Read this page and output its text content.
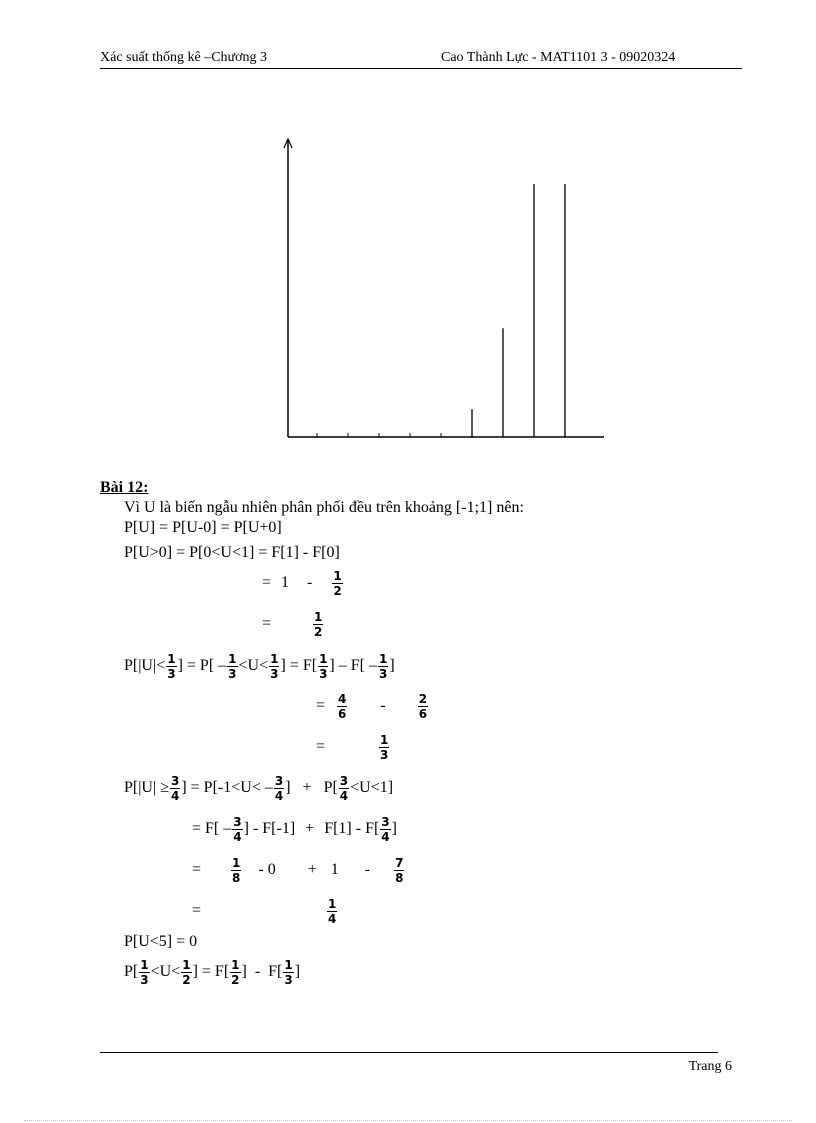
Xác suất thống kê –Chương 3	Cao Thành Lực - MAT1101 3 - 09020324
Bài 12:
Vì U là biến ngẫu nhiên phân phối đều trên khoảng [-1;1] nên:
P[U] = P[U-0] = P[U+0]
P[U>0] = P[0<U<1] = F[1] - F[0]
= $1 - \frac{1}{2}$
=	$\frac{1}{2}$
$P[|U|< \frac{1}{3}$ ] = $P[ - \frac{1}{3} <U< \frac{1}{3}$ ] = $F[ \frac{1}{3}$ ] – $F[ - \frac{1}{3}$ ]
= $\frac{4}{6}$ -	$\frac{2}{6}$
=	$\frac{1}{3}$
$P[|U| \ge \frac{3}{4}$ ] = $P[-1<U< - \frac{3}{4}$ ] + $P[ \frac{3}{4} <U<1]$
= $F[ - \frac{3}{4}$ ] - $F[-1] + F[1] - F[ \frac{3}{4}$ ]
=	$\frac{1}{8} - 0 + 1 - \frac{7}{8}$
=	$\frac{1}{4}$
P[U<5] = 0
$P[ \frac{1}{3} <U< \frac{1}{2}$ ] = $F[ \frac{1}{2}$ ]  -  $F[ \frac{1}{3}$ ]
Trang 6
